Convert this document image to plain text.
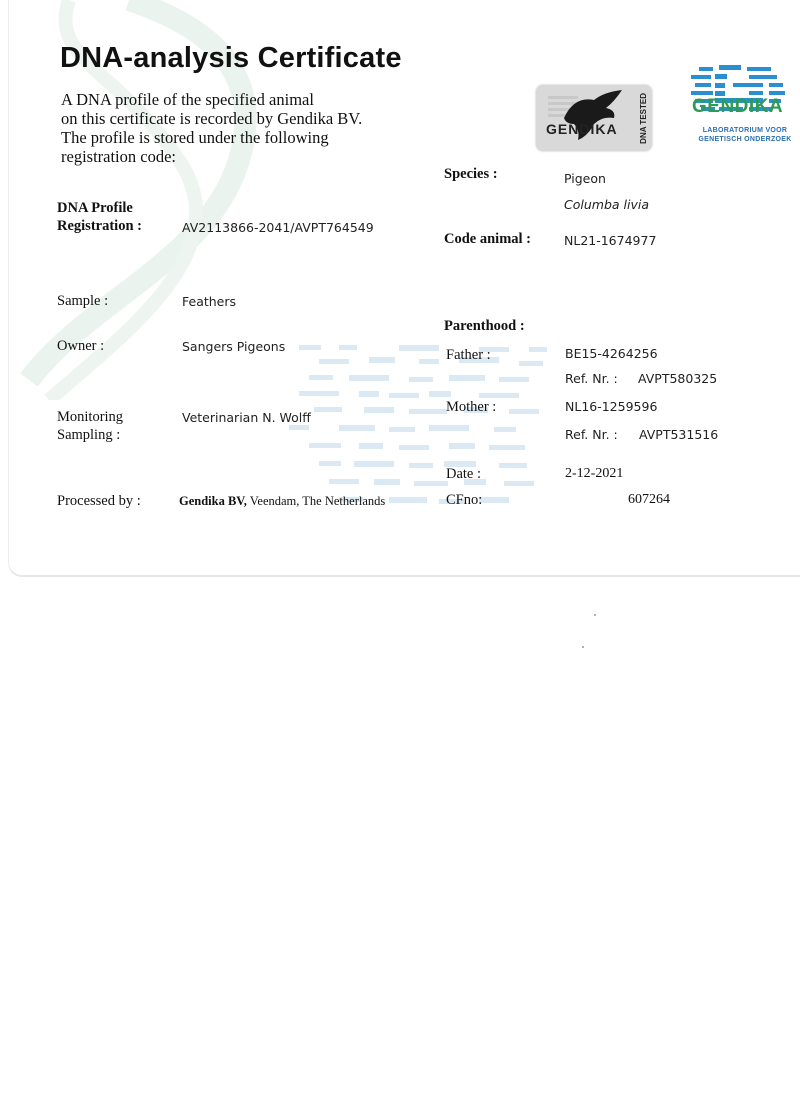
DNA-analysis Certificate
A DNA profile of the specified animal
on this certificate is recorded by Gendika BV.
The profile is stored under the following
registration code:
GENDIKA	DNA TESTED GENDIKA
LABORATORIUM VOOR
GENETISCH ONDERZOEK
DNA Profile
Registration :	AV2113866-2041/AVPT764549
Sample :	Feathers
Owner :	Sangers Pigeons
Monitoring
Sampling :
Veterinarian N. Wolff
Processed by :	Gendika BV, Veendam, The Netherlands
Species :	Pigeon
Columba livia
Code animal :	NL21-1674977
Parenthood :
Father :	BE15-4264256
Ref. Nr. : AVPT580325
Mother :	NL16-1259596
Ref. Nr. : AVPT531516
Date :	2-12-2021
CFno:	607264
